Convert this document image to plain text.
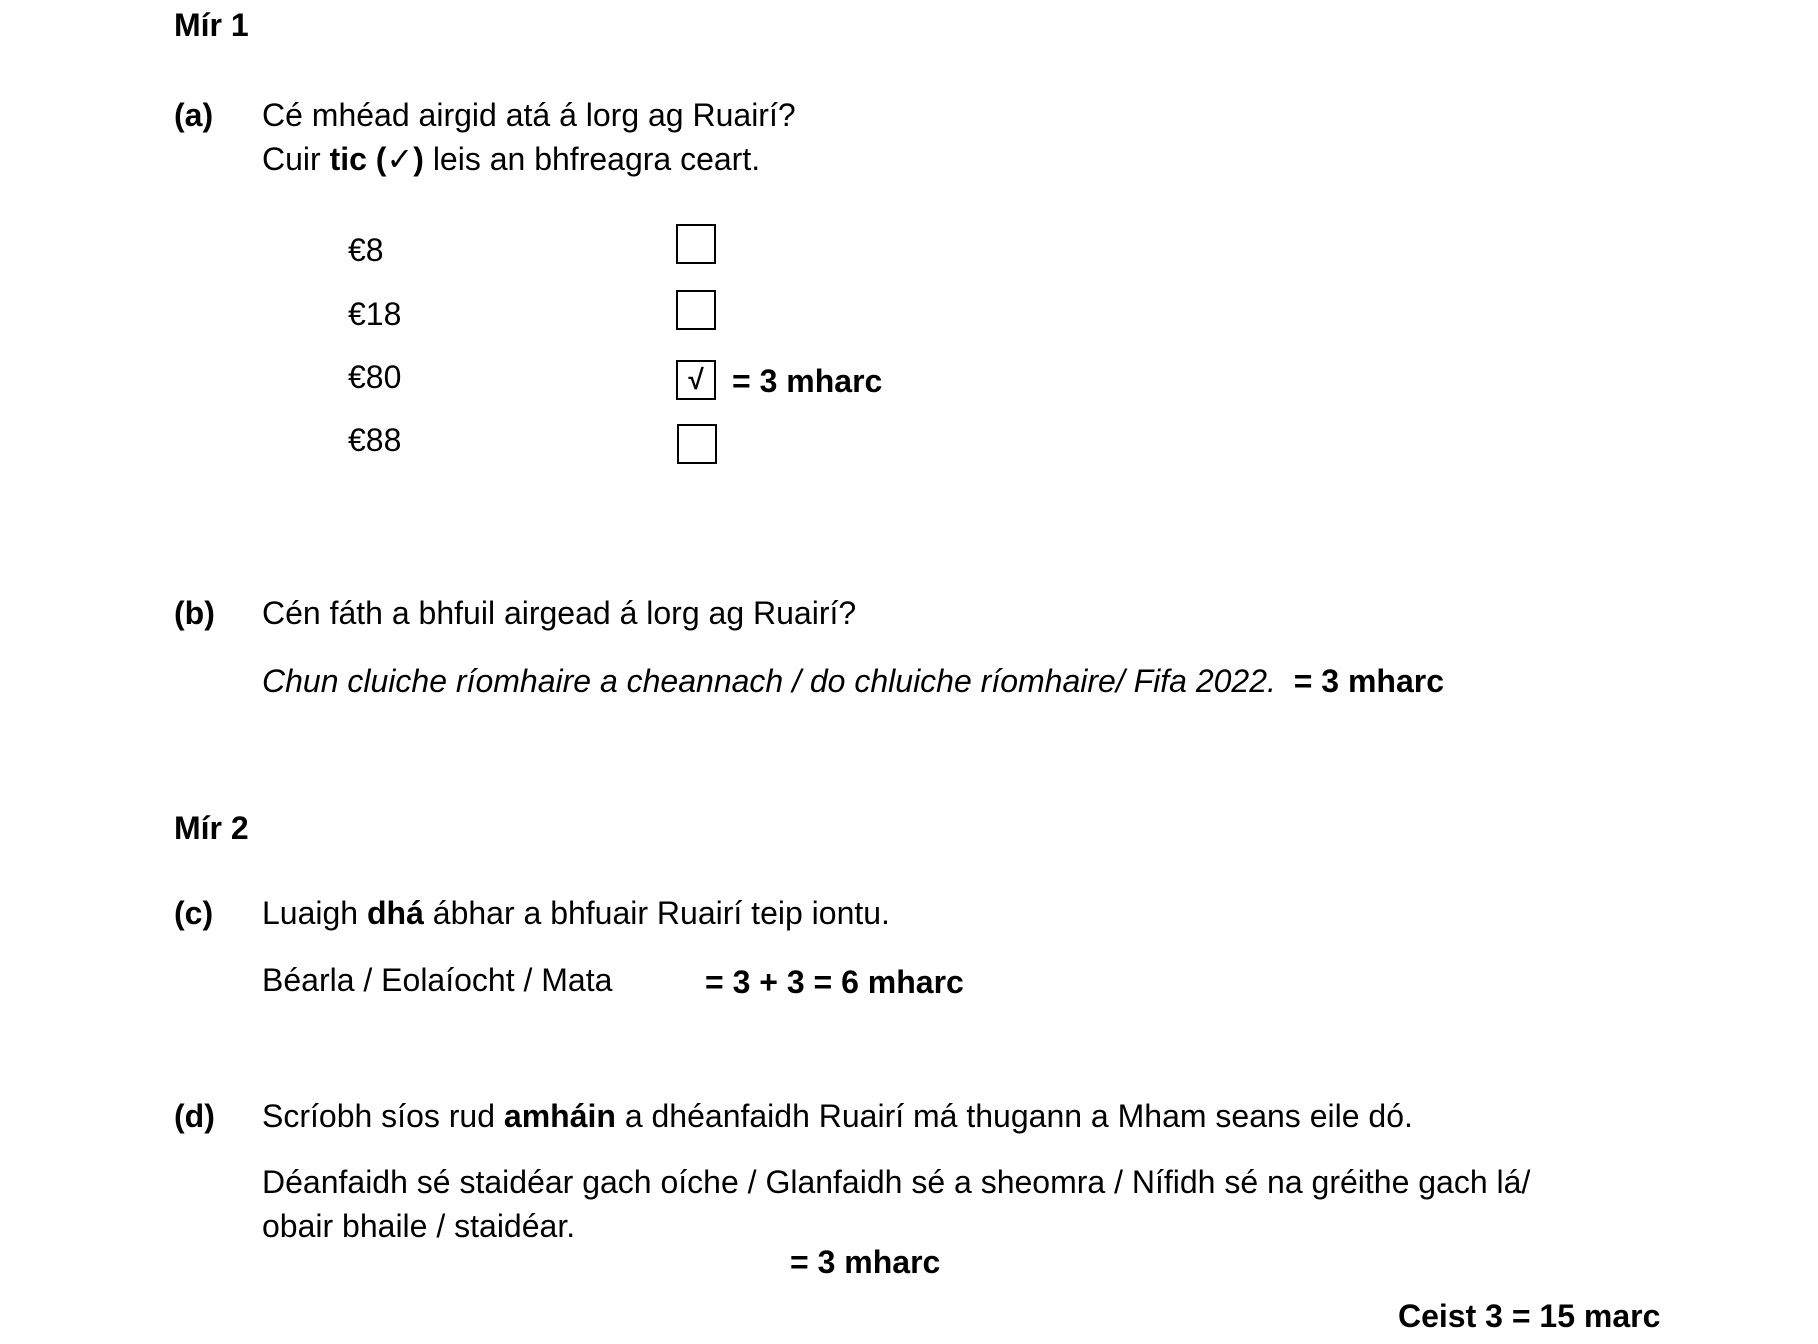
Mír 1
(a) Cé mhéad airgid atá á lorg ag Ruairí?
Cuir tic (✓) leis an bhfreagra ceart.
€8
€18
€80	√ = 3 mharc
€88
(b) Cén fáth a bhfuil airgead á lorg ag Ruairí?
Chun cluiche ríomhaire a cheannach / do chluiche ríomhaire/ Fifa 2022. = 3 mharc
Mír 2
(c) Luaigh dhá ábhar a bhfuair Ruairí teip iontu.
Béarla / Eolaíocht / Mata	= 3 + 3 = 6 mharc
(d) Scríobh síos rud amháin a dhéanfaidh Ruairí má thugann a Mham seans eile dó.
Déanfaidh sé staidéar gach oíche / Glanfaidh sé a sheomra / Nífidh sé na gréithe gach lá/
obair bhaile / staidéar.
= 3 mharc
Ceist 3 = 15 marc
